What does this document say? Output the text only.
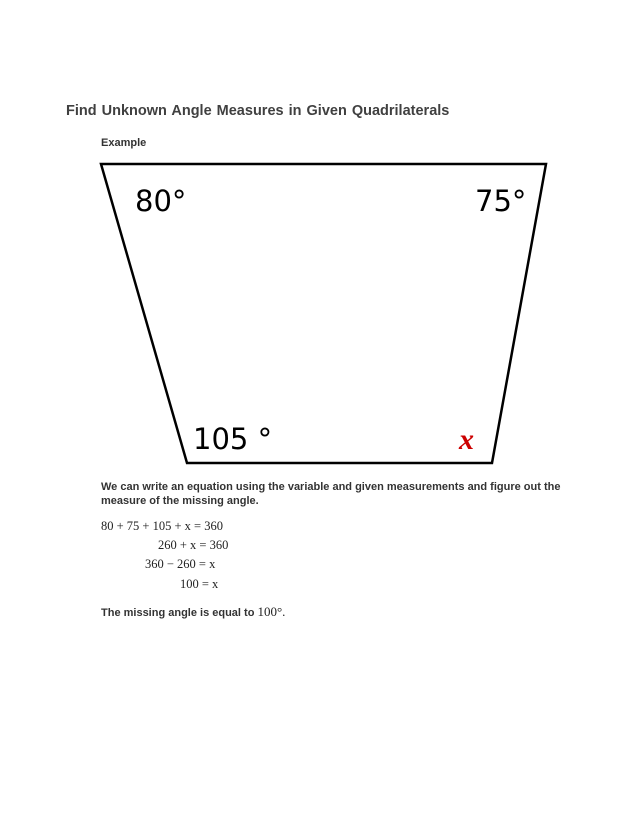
Find Unknown Angle Measures in Given Quadrilaterals
Example
80°	75°
105 °	x
We can write an equation using the variable and given measurements and figure out the measure of the missing angle.
80 + 75 + 105 + x = 360
260 + x = 360
360 − 260 = x
100 = x
The missing angle is equal to 100°.
